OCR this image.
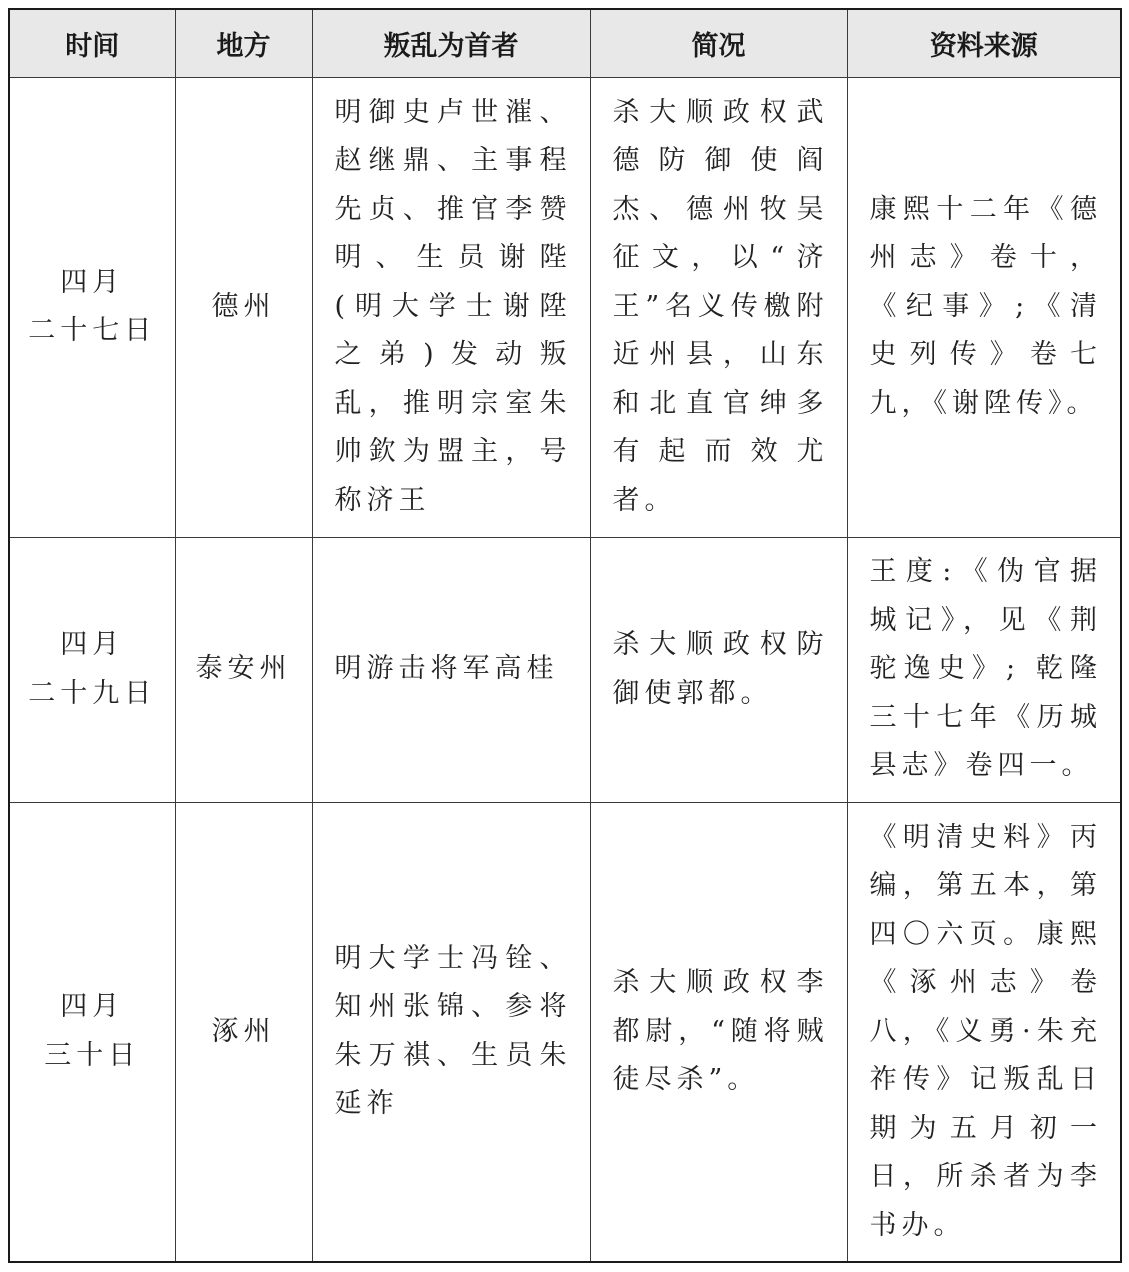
时间	地方	叛乱为首者	简况	资料来源

四月
二十七日	德州	明御史卢世漼、赵继鼎、主事程先贞、推官李赞明、生员谢陛(明大学士谢陞之弟)发动叛乱，推明宗室朱帅欽为盟主，号称济王	杀大顺政权武德防御使阎杰、德州牧吴征文，以“济王”名义传檄附近州县，山东和北直官绅多有起而效尤者。	康熙十二年《德州志》卷十，《纪事》;《清史列传》卷七九，《谢陞传》。

四月
二十九日	泰安州	明游击将军高桂	杀大顺政权防御使郭都。	王度:《伪官据城记》，见《荆驼逸史》; 乾隆三十七年《历城县志》卷四一。

四月
三十日	涿州	明大学士冯铨、知州张锦、参将朱万祺、生员朱延祚	杀大顺政权李都尉，“随将贼徒尽杀”。	《明清史料》丙编，第五本，第四〇六页。康熙《涿州志》卷八，《义勇·朱充祚传》记叛乱日期为五月初一日，所杀者为李书办。
